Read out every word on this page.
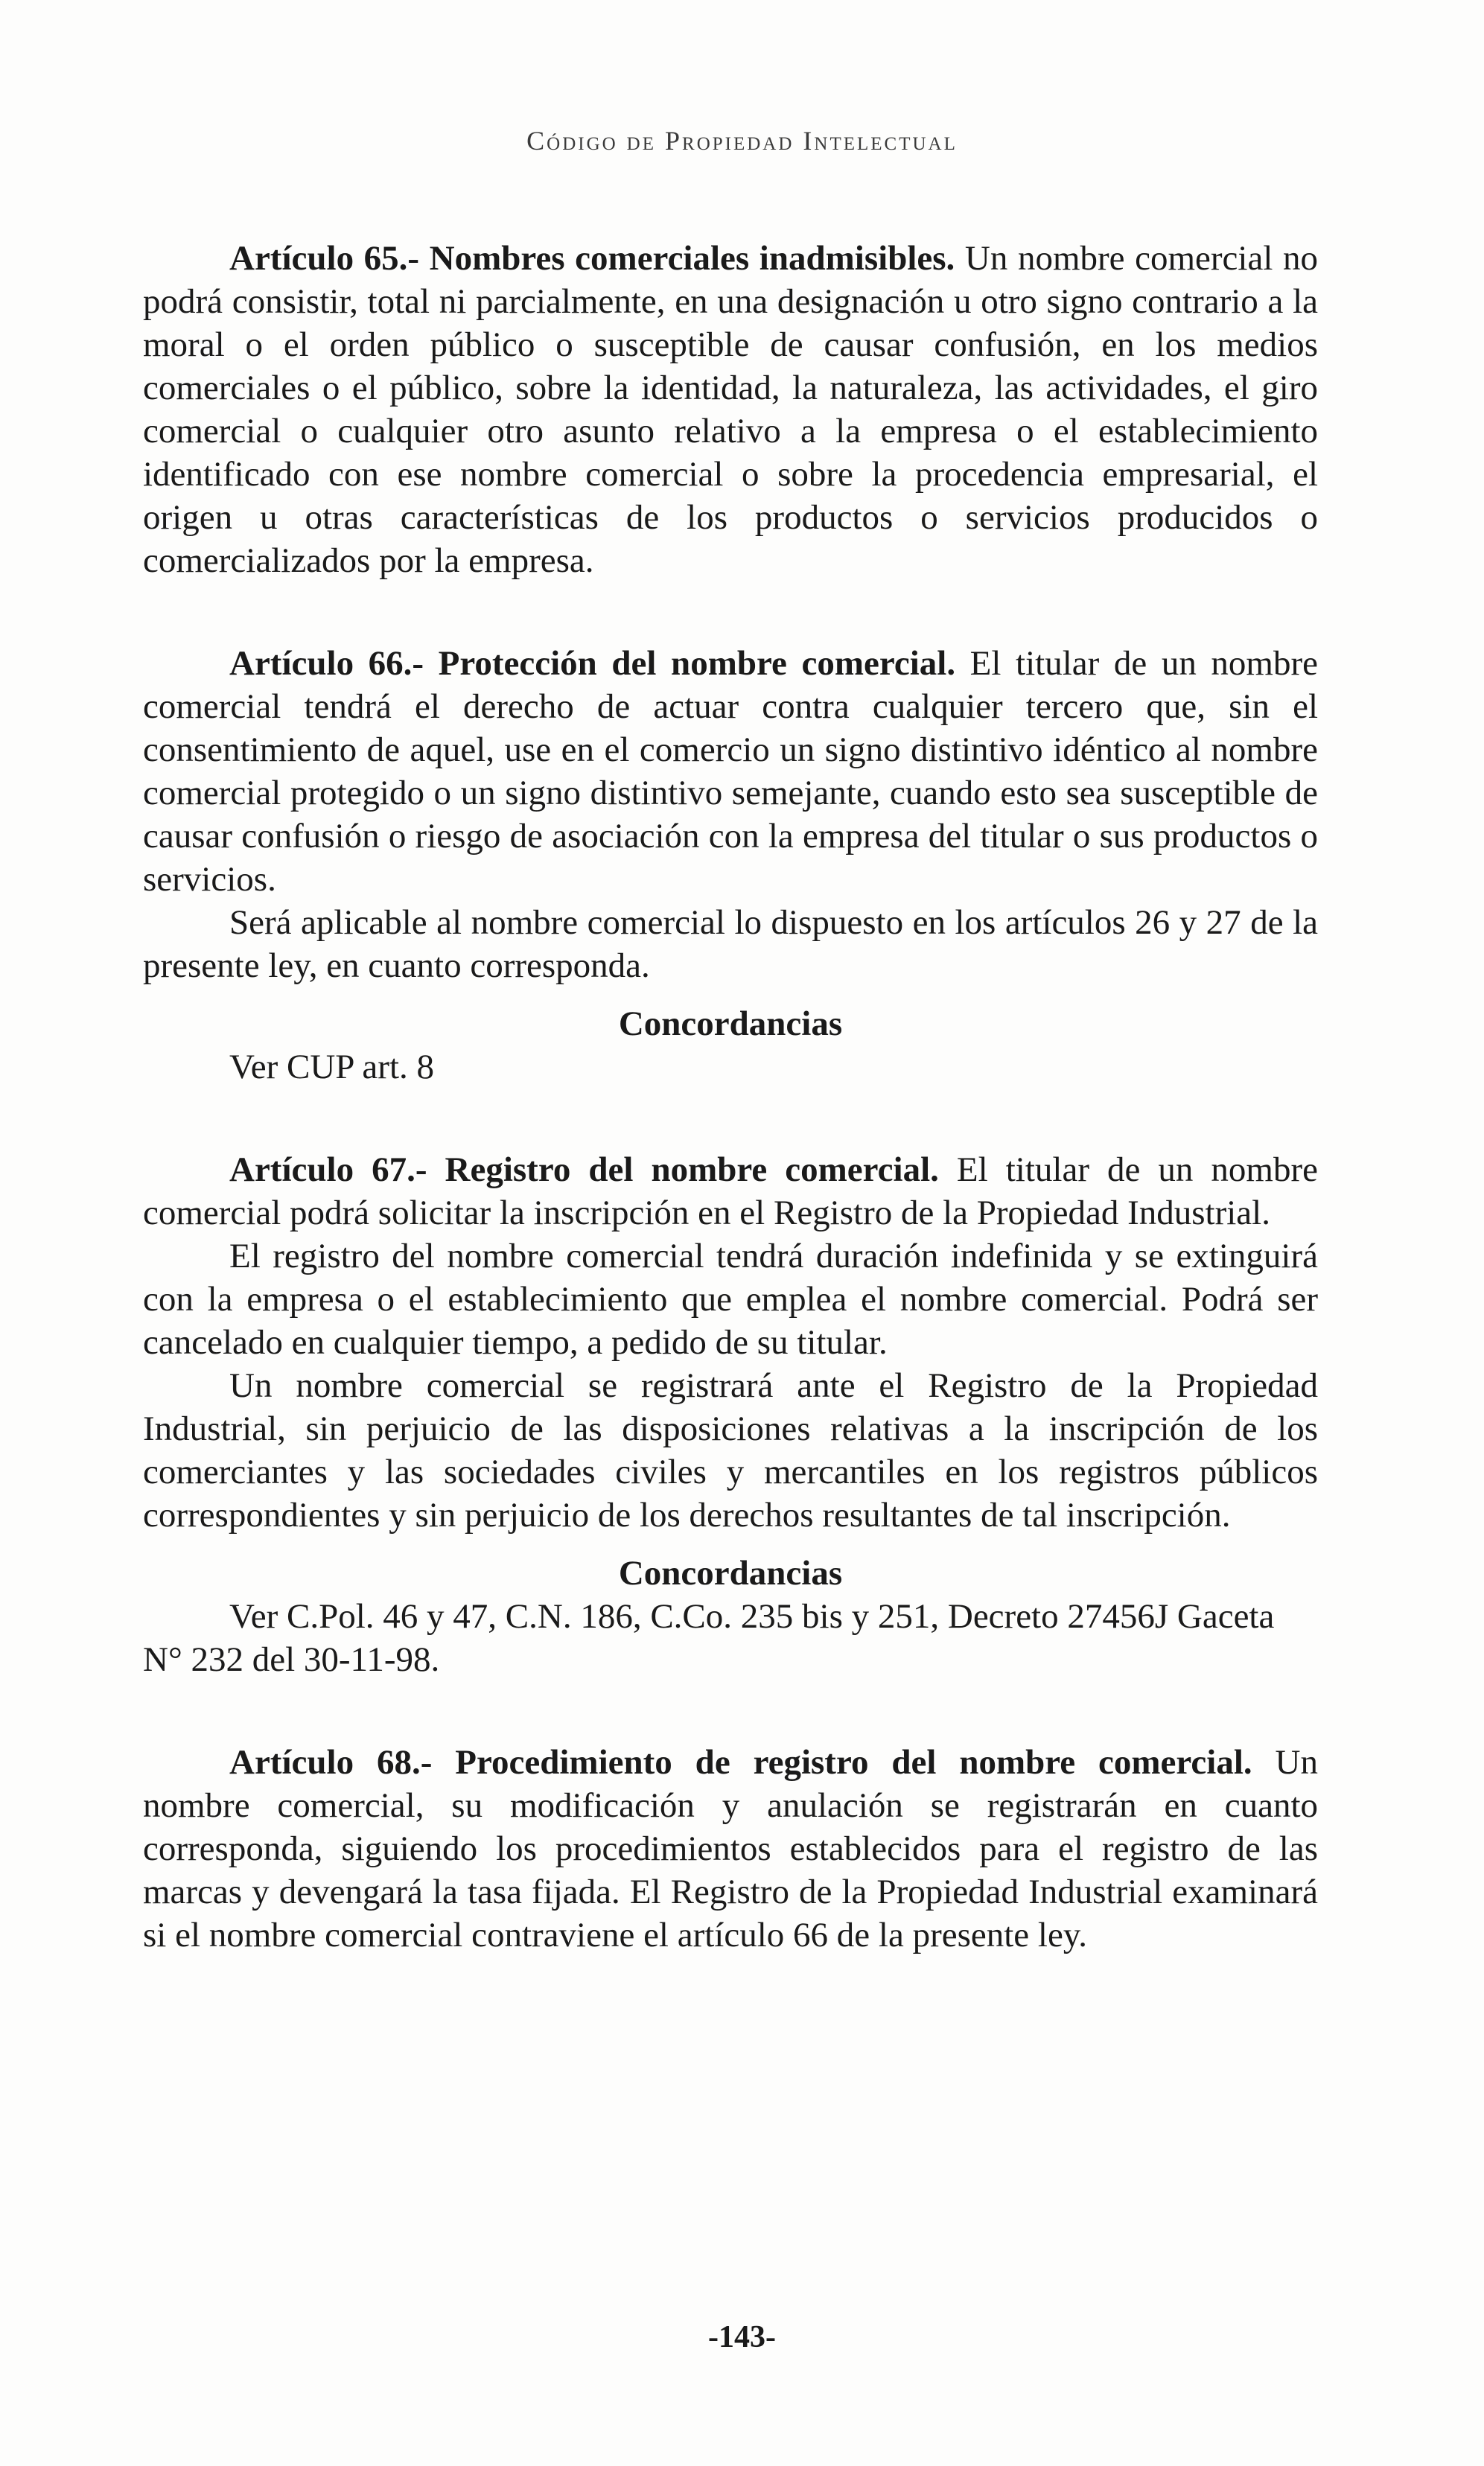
Código de Propiedad Intelectual

Artículo 65.- Nombres comerciales inadmisibles. Un nombre comercial no podrá consistir, total ni parcialmente, en una designación u otro signo contrario a la moral o el orden público o susceptible de causar confusión, en los medios comerciales o el público, sobre la identidad, la naturaleza, las actividades, el giro comercial o cualquier otro asunto relativo a la empresa o el establecimiento identificado con ese nombre comercial o sobre la procedencia empresarial, el origen u otras características de los productos o servicios producidos o comercializados por la empresa.

Artículo 66.- Protección del nombre comercial. El titular de un nombre comercial tendrá el derecho de actuar contra cualquier tercero que, sin el consentimiento de aquel, use en el comercio un signo distintivo idéntico al nombre comercial protegido o un signo distintivo semejante, cuando esto sea susceptible de causar confusión o riesgo de asociación con la empresa del titular o sus productos o servicios.

Será aplicable al nombre comercial lo dispuesto en los artículos 26 y 27 de la presente ley, en cuanto corresponda.

Concordancias

Ver CUP art. 8

Artículo 67.- Registro del nombre comercial. El titular de un nombre comercial podrá solicitar la inscripción en el Registro de la Propiedad Industrial.

El registro del nombre comercial tendrá duración indefinida y se extinguirá con la empresa o el establecimiento que emplea el nombre comercial. Podrá ser cancelado en cualquier tiempo, a pedido de su titular.

Un nombre comercial se registrará ante el Registro de la Propiedad Industrial, sin perjuicio de las disposiciones relativas a la inscripción de los comerciantes y las sociedades civiles y mercantiles en los registros públicos correspondientes y sin perjuicio de los derechos resultantes de tal inscripción.

Concordancias

Ver C.Pol. 46 y 47, C.N. 186, C.Co. 235 bis y 251, Decreto 27456J Gaceta N° 232 del 30-11-98.

Artículo 68.- Procedimiento de registro del nombre comercial. Un nombre comercial, su modificación y anulación se registrarán en cuanto corresponda, siguiendo los procedimientos establecidos para el registro de las marcas y devengará la tasa fijada. El Registro de la Propiedad Industrial examinará si el nombre comercial contraviene el artículo 66 de la presente ley.

-143-
